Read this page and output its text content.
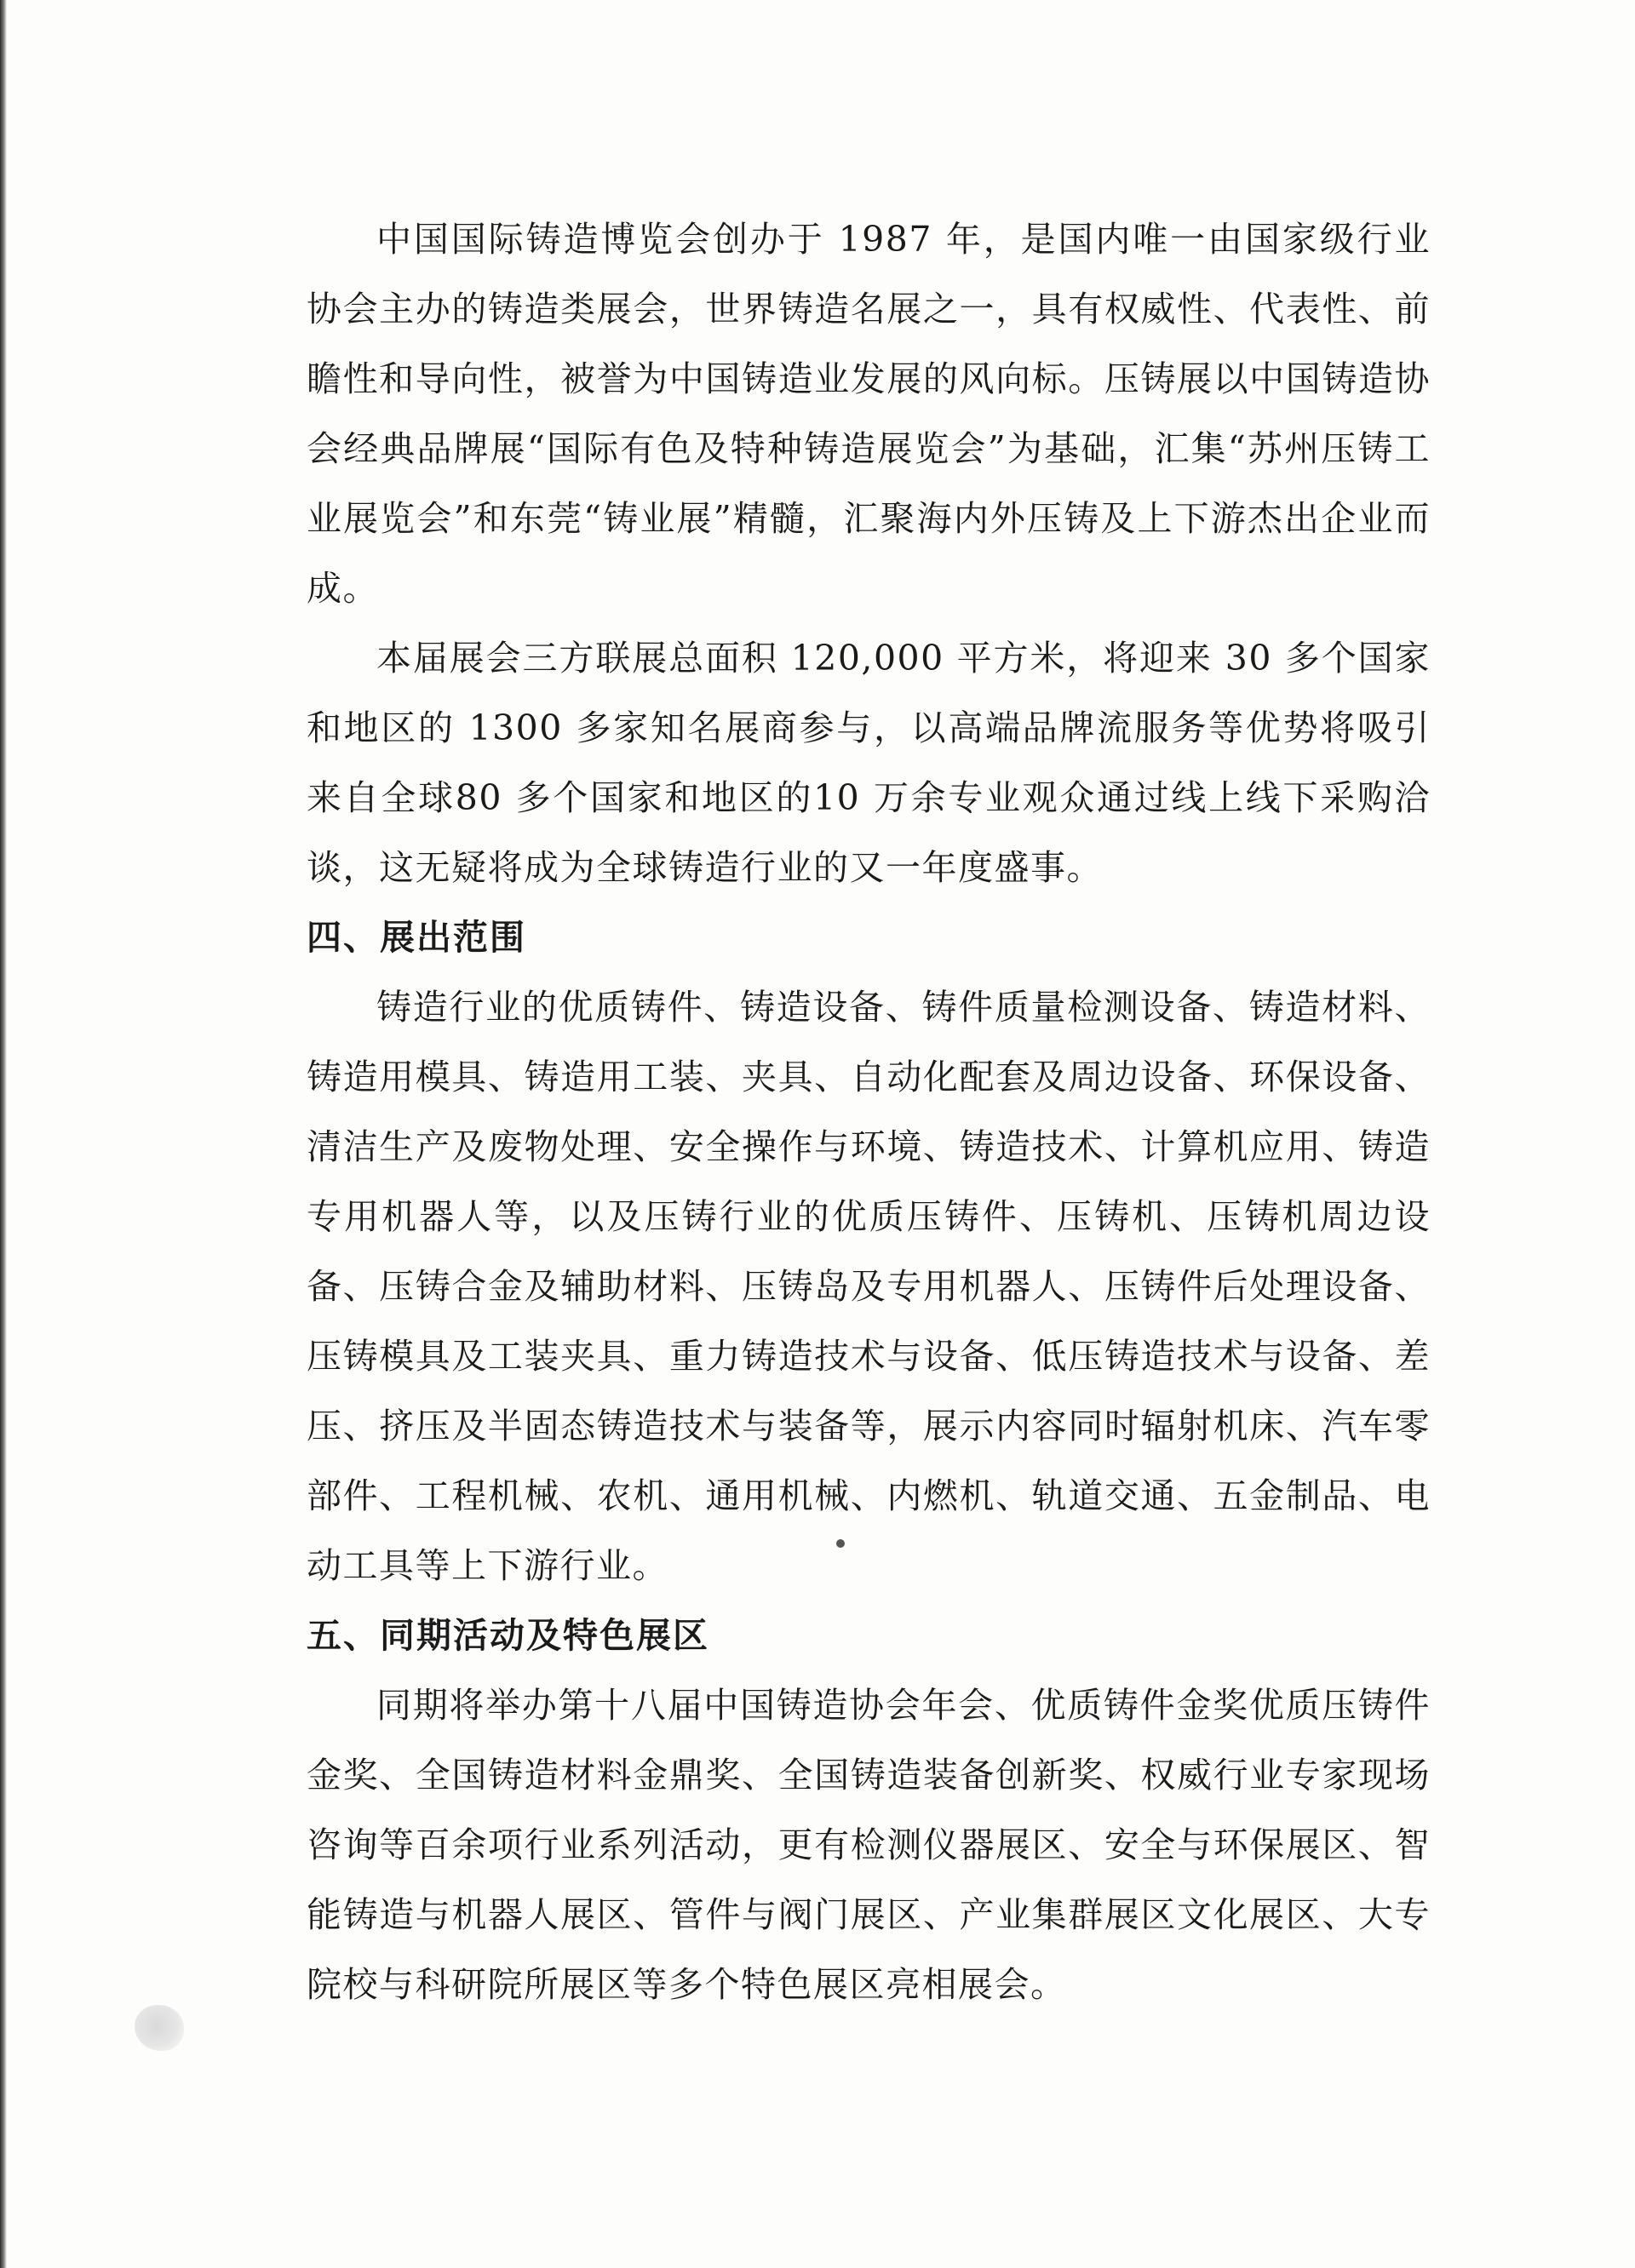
中国国际铸造博览会创办于 1987 年，是国内唯一由国家级行业协会主办的铸造类展会，世界铸造名展之一，具有权威性、代表性、前瞻性和导向性，被誉为中国铸造业发展的风向标。压铸展以中国铸造协会经典品牌展“国际有色及特种铸造展览会”为基础，汇集“苏州压铸工业展览会”和东莞“铸业展”精髓，汇聚海内外压铸及上下游杰出企业而成。

本届展会三方联展总面积 120,000 平方米，将迎来 30 多个国家和地区的 1300 多家知名展商参与，以高端品牌流服务等优势将吸引来自全球80 多个国家和地区的10 万余专业观众通过线上线下采购洽谈，这无疑将成为全球铸造行业的又一年度盛事。

四、展出范围

铸造行业的优质铸件、铸造设备、铸件质量检测设备、铸造材料、铸造用模具、铸造用工装、夹具、自动化配套及周边设备、环保设备、清洁生产及废物处理、安全操作与环境、铸造技术、计算机应用、铸造专用机器人等，以及压铸行业的优质压铸件、压铸机、压铸机周边设备、压铸合金及辅助材料、压铸岛及专用机器人、压铸件后处理设备、压铸模具及工装夹具、重力铸造技术与设备、低压铸造技术与设备、差压、挤压及半固态铸造技术与装备等，展示内容同时辐射机床、汽车零部件、工程机械、农机、通用机械、内燃机、轨道交通、五金制品、电动工具等上下游行业。

五、同期活动及特色展区

同期将举办第十八届中国铸造协会年会、优质铸件金奖优质压铸件金奖、全国铸造材料金鼎奖、全国铸造装备创新奖、权威行业专家现场咨询等百余项行业系列活动，更有检测仪器展区、安全与环保展区、智能铸造与机器人展区、管件与阀门展区、产业集群展区文化展区、大专院校与科研院所展区等多个特色展区亮相展会。
